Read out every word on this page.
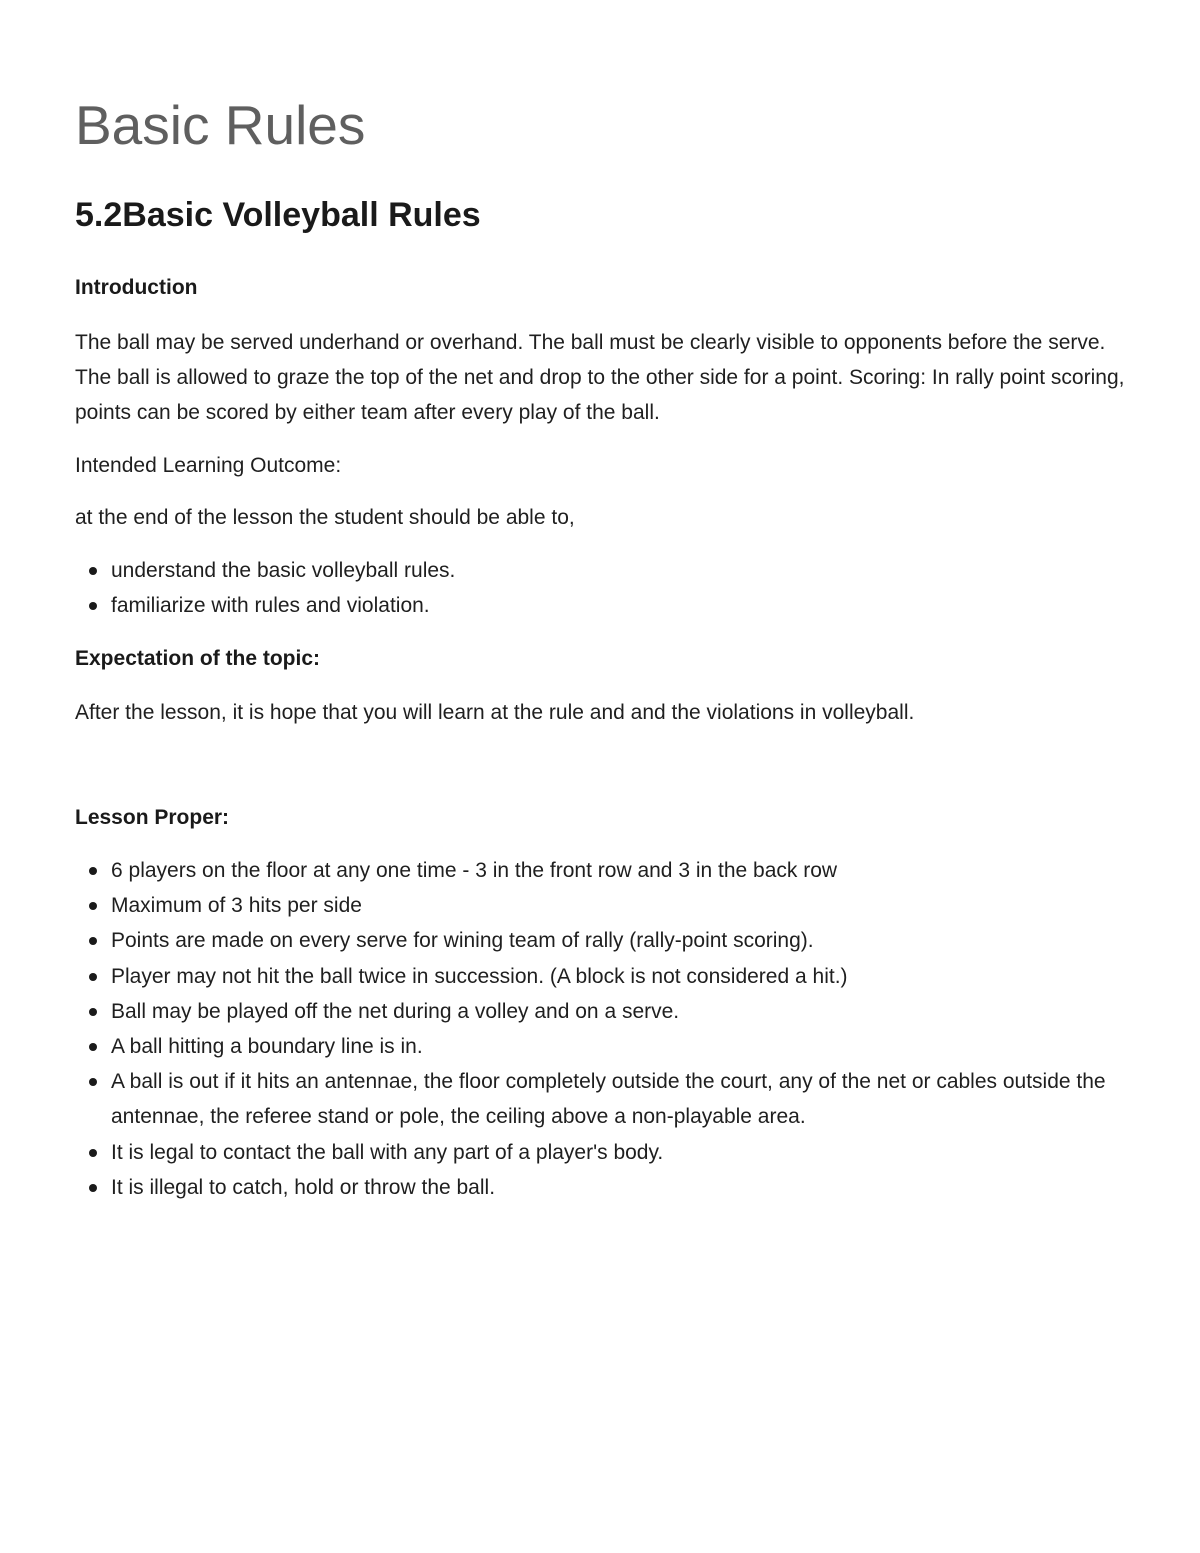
Basic Rules
5.2Basic Volleyball Rules
Introduction

The ball may be served underhand or overhand. The ball must be clearly visible to opponents before the serve. The ball is allowed to graze the top of the net and drop to the other side for a point. Scoring: In rally point scoring, points can be scored by either team after every play of the ball.

Intended Learning Outcome:
at the end of the lesson the student should be able to,
understand the basic volleyball rules.
familiarize with rules and violation.
Expectation of the topic:

After the lesson, it is hope that you will learn at the rule and and the violations in volleyball.

Lesson Proper:
6 players on the floor at any one time - 3 in the front row and 3 in the back row
Maximum of 3 hits per side
Points are made on every serve for wining team of rally (rally-point scoring).
Player may not hit the ball twice in succession. (A block is not considered a hit.)
Ball may be played off the net during a volley and on a serve.
A ball hitting a boundary line is in.
A ball is out if it hits an antennae, the floor completely outside the court, any of the net or cables outside the antennae, the referee stand or pole, the ceiling above a non-playable area.
It is legal to contact the ball with any part of a player's body.
It is illegal to catch, hold or throw the ball.
